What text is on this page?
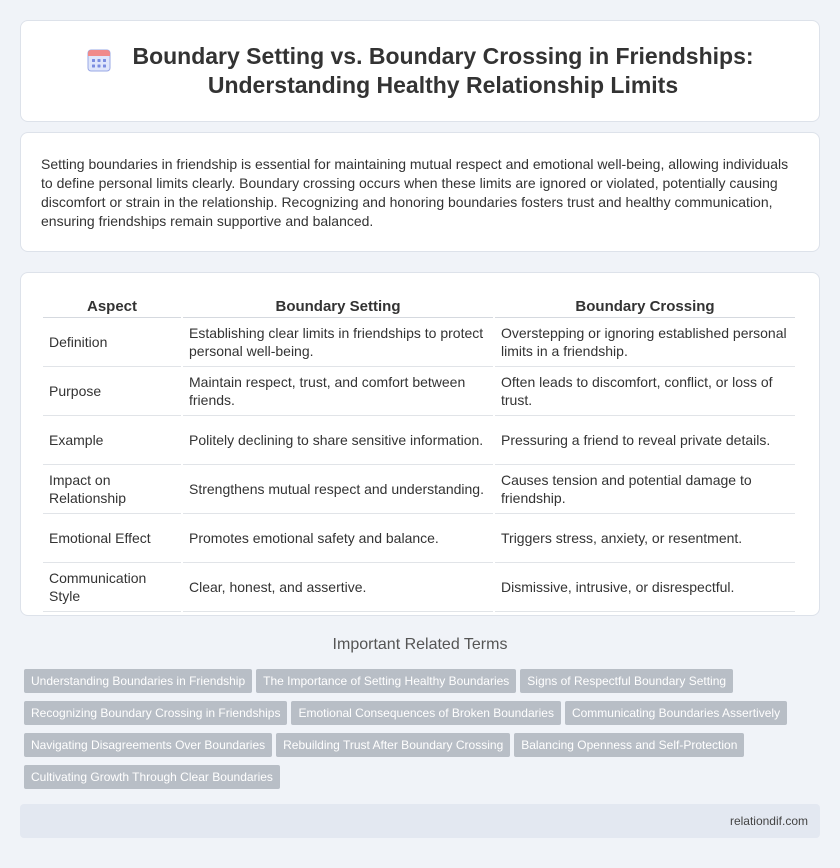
Boundary Setting vs. Boundary Crossing in Friendships:
Understanding Healthy Relationship Limits

Setting boundaries in friendship is essential for maintaining mutual respect and emotional well-being, allowing individuals to define personal limits clearly. Boundary crossing occurs when these limits are ignored or violated, potentially causing discomfort or strain in the relationship. Recognizing and honoring boundaries fosters trust and healthy communication, ensuring friendships remain supportive and balanced.

Aspect	Boundary Setting	Boundary Crossing
Definition	Establishing clear limits in friendships to protect personal well-being.	Overstepping or ignoring established personal limits in a friendship.
Purpose	Maintain respect, trust, and comfort between friends.	Often leads to discomfort, conflict, or loss of trust.
Example	Politely declining to share sensitive information.	Pressuring a friend to reveal private details.
Impact on Relationship	Strengthens mutual respect and understanding.	Causes tension and potential damage to friendship.
Emotional Effect	Promotes emotional safety and balance.	Triggers stress, anxiety, or resentment.
Communication Style	Clear, honest, and assertive.	Dismissive, intrusive, or disrespectful.
Important Related Terms
Understanding Boundaries in Friendship The Importance of Setting Healthy Boundaries Signs of Respectful Boundary Setting
Recognizing Boundary Crossing in Friendships Emotional Consequences of Broken Boundaries Communicating Boundaries Assertively
Navigating Disagreements Over Boundaries Rebuilding Trust After Boundary Crossing Balancing Openness and Self-Protection
Cultivating Growth Through Clear Boundaries
relationdif.com
